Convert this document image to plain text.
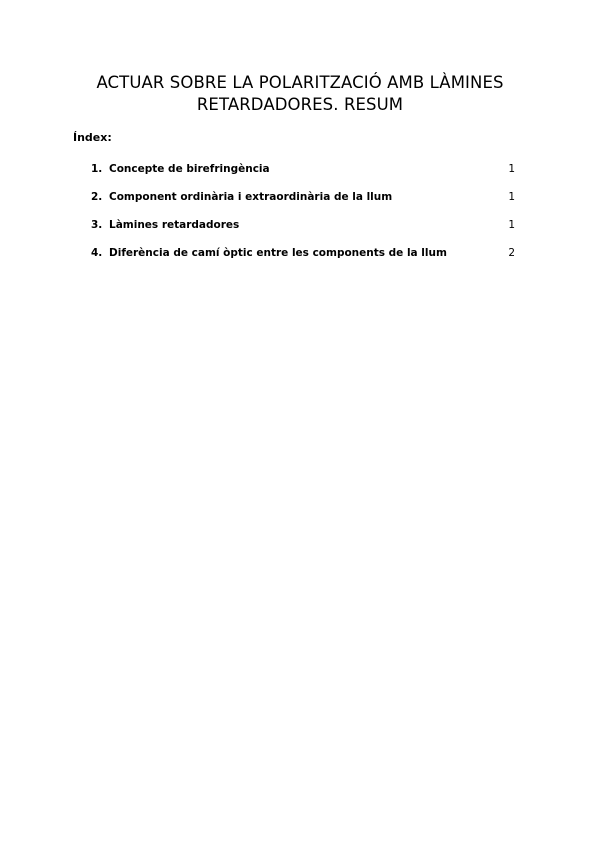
ACTUAR SOBRE LA POLARITZACIÓ AMB LÀMINES
RETARDADORES. RESUM
Índex:
1. Concepte de birefringència	1
2. Component ordinària i extraordinària de la llum	1
3. Làmines retardadores	1
4. Diferència de camí òptic entre les components de la llum	2
